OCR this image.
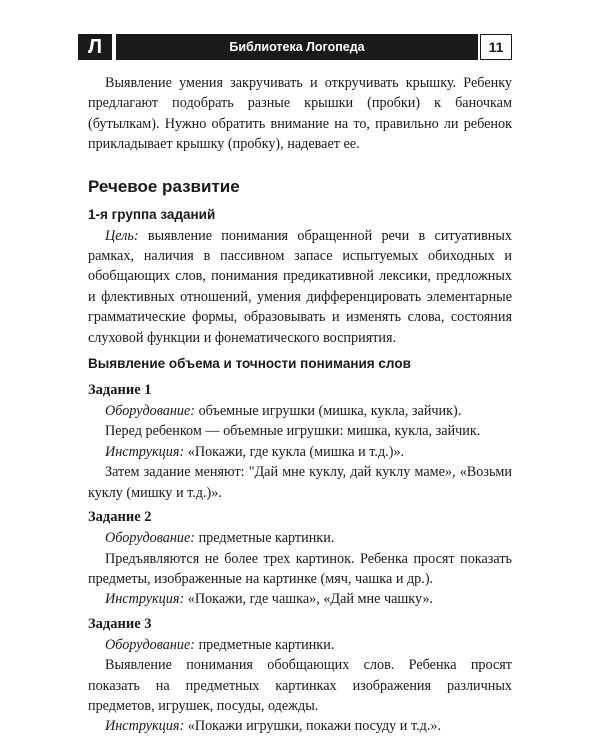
Л	Библиотека Логопеда	11

Выявление умения закручивать и откручивать крышку. Ребенку предлагают подобрать разные крышки (пробки) к баночкам (бутылкам). Нужно обратить внимание на то, правильно ли ребенок прикладывает крышку (пробку), надевает ее.

Речевое развитие
1-я группа заданий

Цель: выявление понимания обращенной речи в ситуативных рамках, наличия в пассивном запасе испытуемых обиходных и обобщающих слов, понимания предикативной лексики, предложных и флективных отношений, умения дифференцировать элементарные грамматические формы, образовывать и изменять слова, состояния слуховой функции и фонематического восприятия.

Выявление объема и точности понимания слов
Задание 1

Оборудование: объемные игрушки (мишка, кукла, зайчик).

Перед ребенком — объемные игрушки: мишка, кукла, зайчик.

Инструкция: «Покажи, где кукла (мишка и т.д.)».

Затем задание меняют: "Дай мне куклу, дай куклу маме», «Возьми куклу (мишку и т.д.)».

Задание 2

Оборудование: предметные картинки.

Предъявляются не более трех картинок. Ребенка просят показать предметы, изображенные на картинке (мяч, чашка и др.).

Инструкция: «Покажи, где чашка», «Дай мне чашку».

Задание 3

Оборудование: предметные картинки.

Выявление понимания обобщающих слов. Ребенка просят показать на предметных картинках изображения различных предметов, игрушек, посуды, одежды.

Инструкция: «Покажи игрушки, покажи посуду и т.д.».
